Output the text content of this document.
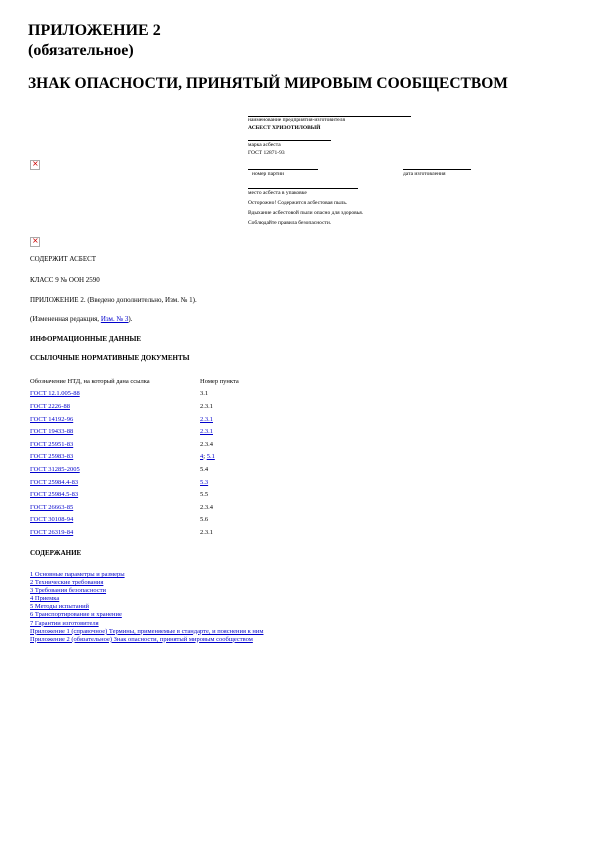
ПРИЛОЖЕНИЕ 2
(обязательное)
ЗНАК ОПАСНОСТИ, ПРИНЯТЫЙ МИРОВЫМ СООБЩЕСТВОМ
наименование предприятия-изготовителя
АСБЕСТ ХРИЗОТИЛОВЫЙ
марка асбеста
ГОСТ 12871-93
×
номер партии	дата изготовления
место асбеста в упаковке
Осторожно! Содержится асбестовая пыль.
Вдыхание асбестовой пыли опасно для здоровья.
Соблюдайте правила безопасности.
×
СОДЕРЖИТ АСБЕСТ
КЛАСС 9 № ООН 2590
ПРИЛОЖЕНИЕ 2. (Введено дополнительно, Изм. № 1).
(Измененная редакция, Изм. № 3).
ИНФОРМАЦИОННЫЕ ДАННЫЕ
ССЫЛОЧНЫЕ НОРМАТИВНЫЕ ДОКУМЕНТЫ
Обозначение НТД, на который дана ссылка	Номер пункта
ГОСТ 12.1.005-88	3.1
ГОСТ 2226-88	2.3.1
ГОСТ 14192-96	2.3.1
ГОСТ 19433-88	2.3.1
ГОСТ 25951-83	2.3.4
ГОСТ 25983-83	4; 5.1
ГОСТ 31285-2005	5.4
ГОСТ 25984.4-83	5.3
ГОСТ 25984.5-83	5.5
ГОСТ 26663-85	2.3.4
ГОСТ 30108-94	5.6
ГОСТ 26319-84	2.3.1
СОДЕРЖАНИЕ
1 Основные параметры и размеры
2 Технические требования
3 Требования безопасности
4 Приемка
5 Методы испытаний
6 Транспортирование и хранение
7 Гарантии изготовителя
Приложение 1 (справочное) Термины, применяемые в стандарте, и пояснения к ним
Приложение 2 (обязательное) Знак опасности, принятый мировым сообществом
